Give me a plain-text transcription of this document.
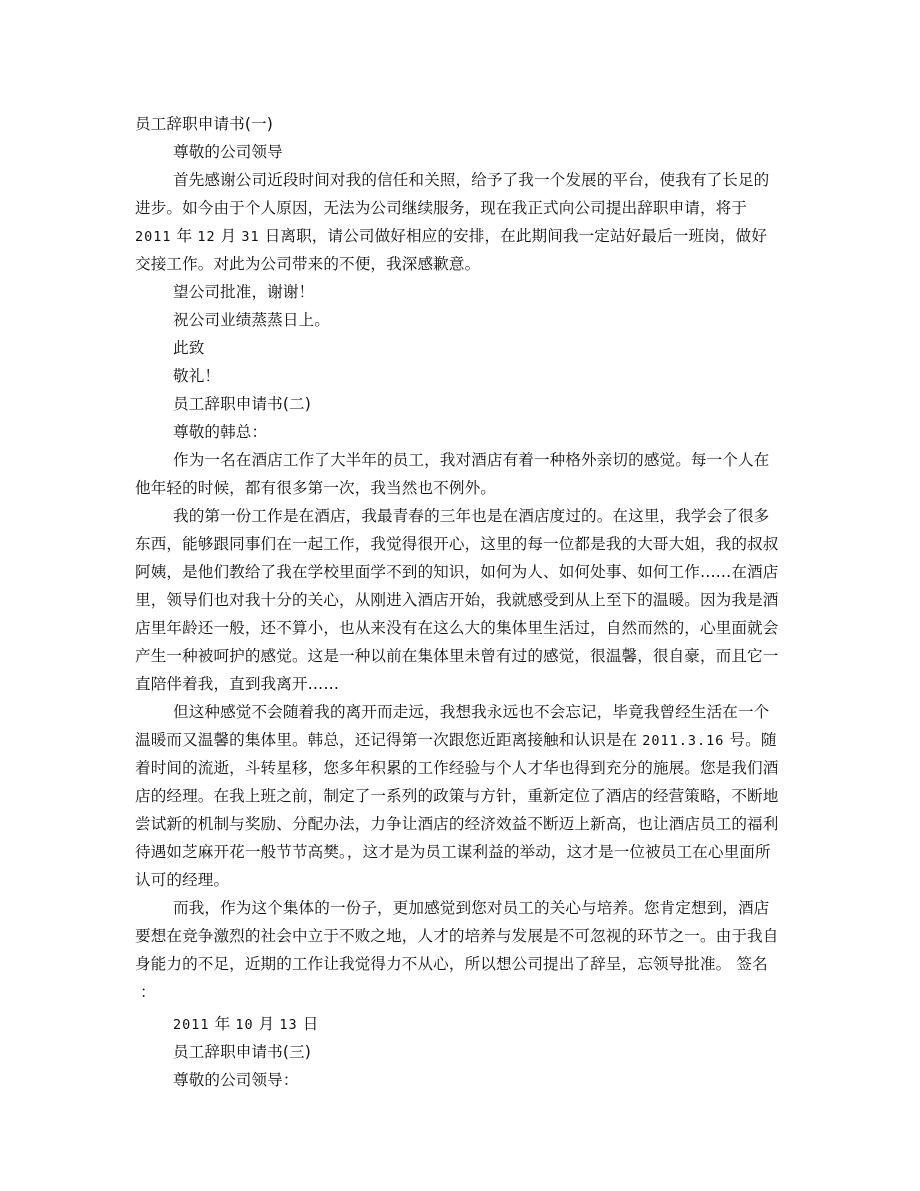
员工辞职申请书(一)
尊敬的公司领导
首先感谢公司近段时间对我的信任和关照，给予了我一个发展的平台，使我有了长足的
进步。如今由于个人原因，无法为公司继续服务，现在我正式向公司提出辞职申请，将于
2011 年 12 月 31 日离职，请公司做好相应的安排，在此期间我一定站好最后一班岗，做好
交接工作。对此为公司带来的不便，我深感歉意。
望公司批准，谢谢！
祝公司业绩蒸蒸日上。
此致
敬礼！
员工辞职申请书(二)
尊敬的韩总：
作为一名在酒店工作了大半年的员工，我对酒店有着一种格外亲切的感觉。每一个人在
他年轻的时候，都有很多第一次，我当然也不例外。
我的第一份工作是在酒店，我最青春的三年也是在酒店度过的。在这里，我学会了很多
东西，能够跟同事们在一起工作，我觉得很开心，这里的每一位都是我的大哥大姐，我的叔叔
阿姨，是他们教给了我在学校里面学不到的知识，如何为人、如何处事、如何工作……在酒店
里，领导们也对我十分的关心，从刚进入酒店开始，我就感受到从上至下的温暖。因为我是酒
店里年龄还一般，还不算小，也从来没有在这么大的集体里生活过，自然而然的，心里面就会
产生一种被呵护的感觉。这是一种以前在集体里未曾有过的感觉，很温馨，很自豪，而且它一
直陪伴着我，直到我离开……
但这种感觉不会随着我的离开而走远，我想我永远也不会忘记，毕竟我曾经生活在一个
温暖而又温馨的集体里。韩总，还记得第一次跟您近距离接触和认识是在 2011.3.16 号。随
着时间的流逝，斗转星移，您多年积累的工作经验与个人才华也得到充分的施展。您是我们酒
店的经理。在我上班之前，制定了一系列的政策与方针，重新定位了酒店的经营策略，不断地
尝试新的机制与奖励、分配办法，力争让酒店的经济效益不断迈上新高，也让酒店员工的福利
待遇如芝麻开花一般节节高樊。，这才是为员工谋利益的举动，这才是一位被员工在心里面所
认可的经理。
而我，作为这个集体的一份子，更加感觉到您对员工的关心与培养。您肯定想到，酒店
要想在竞争激烈的社会中立于不败之地，人才的培养与发展是不可忽视的环节之一。由于我自
身能力的不足，近期的工作让我觉得力不从心，所以想公司提出了辞呈，忘领导批准。 签名
：
2011 年 10 月 13 日
员工辞职申请书(三)
尊敬的公司领导：
